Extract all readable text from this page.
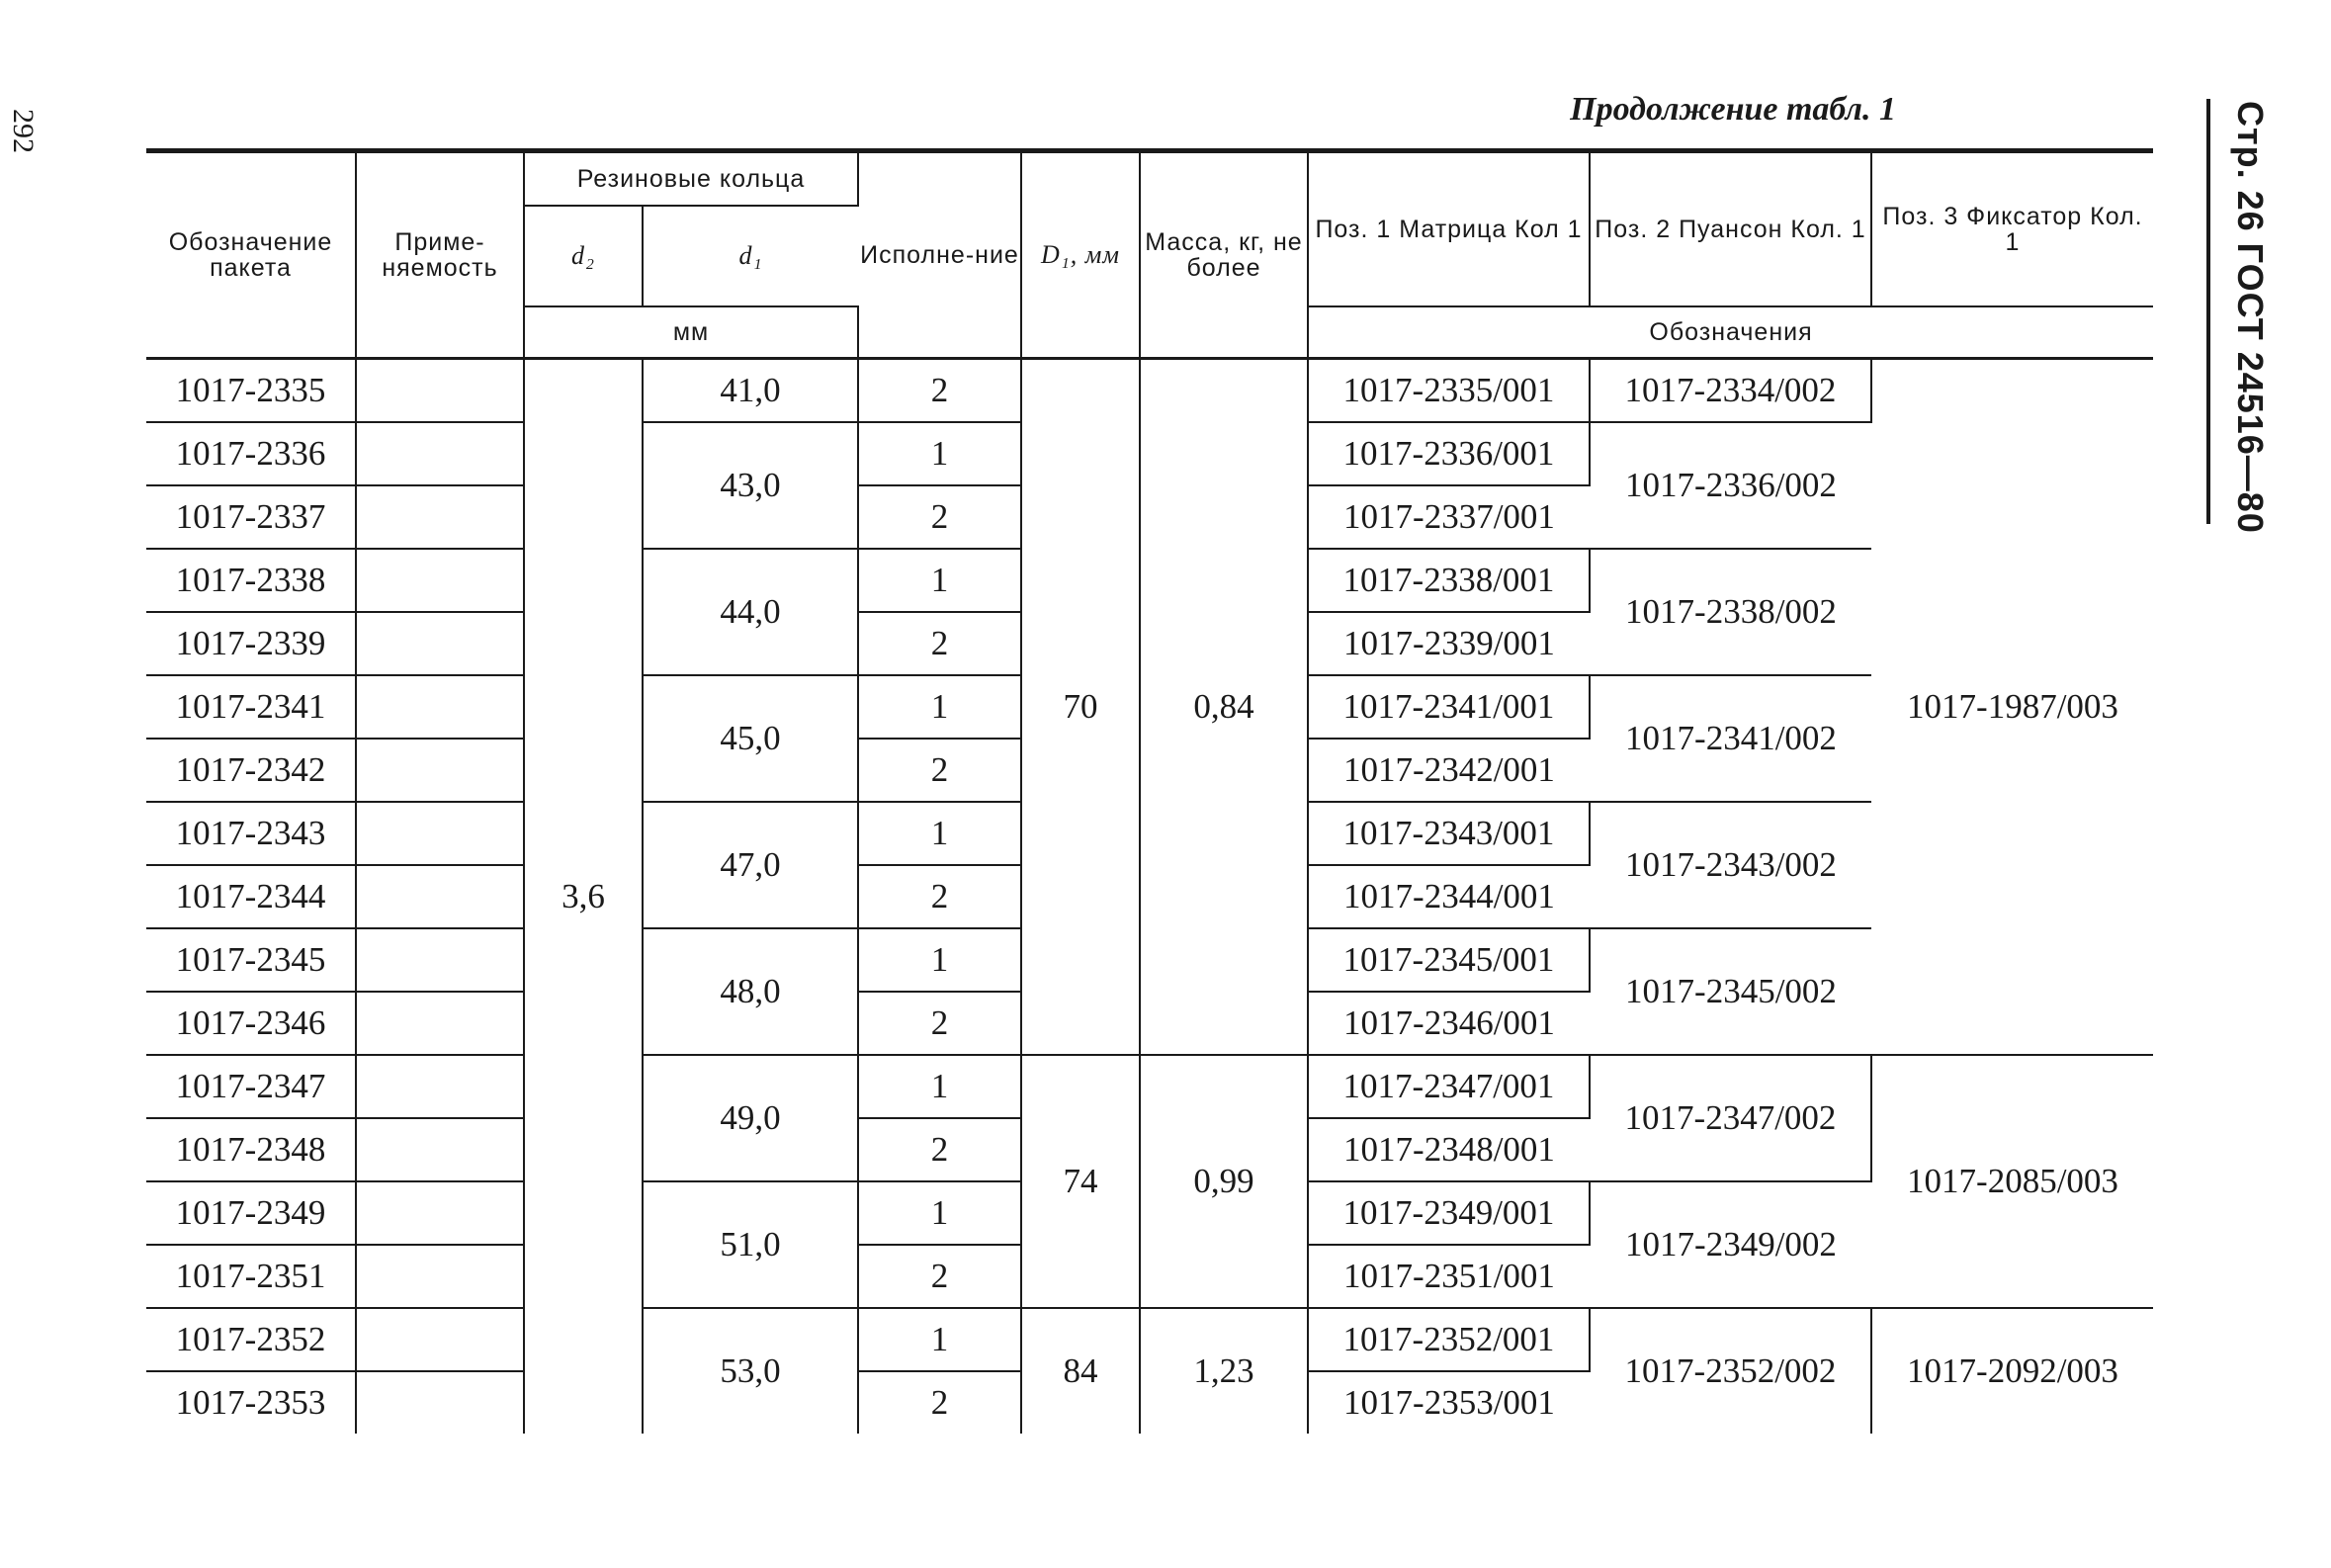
292	Продолжение табл. 1	Стр. 26 ГОСТ 24516—80
Обозначение пакета	Приме-няемость	Резиновые кольца		Исполне-ние	D₁, мм	Масса, кг, не более	Поз. 1 Матрица Кол 1	Поз. 2 Пуансон Кол. 1	Поз. 3 Фиксатор Кол. 1
		d₂	d₁						
		мм					Обозначения		
1017-2335		3,6	41,0	2	70	0,84	1017-2335/001	1017-2334/002	1017-1987/003
1017-2336			43,0	1			1017-2336/001	1017-2336/002	
1017-2337				2			1017-2337/001		
1017-2338			44,0	1			1017-2338/001	1017-2338/002	
1017-2339				2			1017-2339/001		
1017-2341			45,0	1			1017-2341/001	1017-2341/002	
1017-2342				2			1017-2342/001		
1017-2343			47,0	1			1017-2343/001	1017-2343/002	
1017-2344				2			1017-2344/001		
1017-2345			48,0	1			1017-2345/001	1017-2345/002	
1017-2346				2			1017-2346/001		
1017-2347			49,0	1	74	0,99	1017-2347/001	1017-2347/002	1017-2085/003
1017-2348				2			1017-2348/001		
1017-2349			51,0	1			1017-2349/001	1017-2349/002	
1017-2351				2			1017-2351/001		
1017-2352			53,0	1	84	1,23	1017-2352/001	1017-2352/002	1017-2092/003
1017-2353				2			1017-2353/001		
